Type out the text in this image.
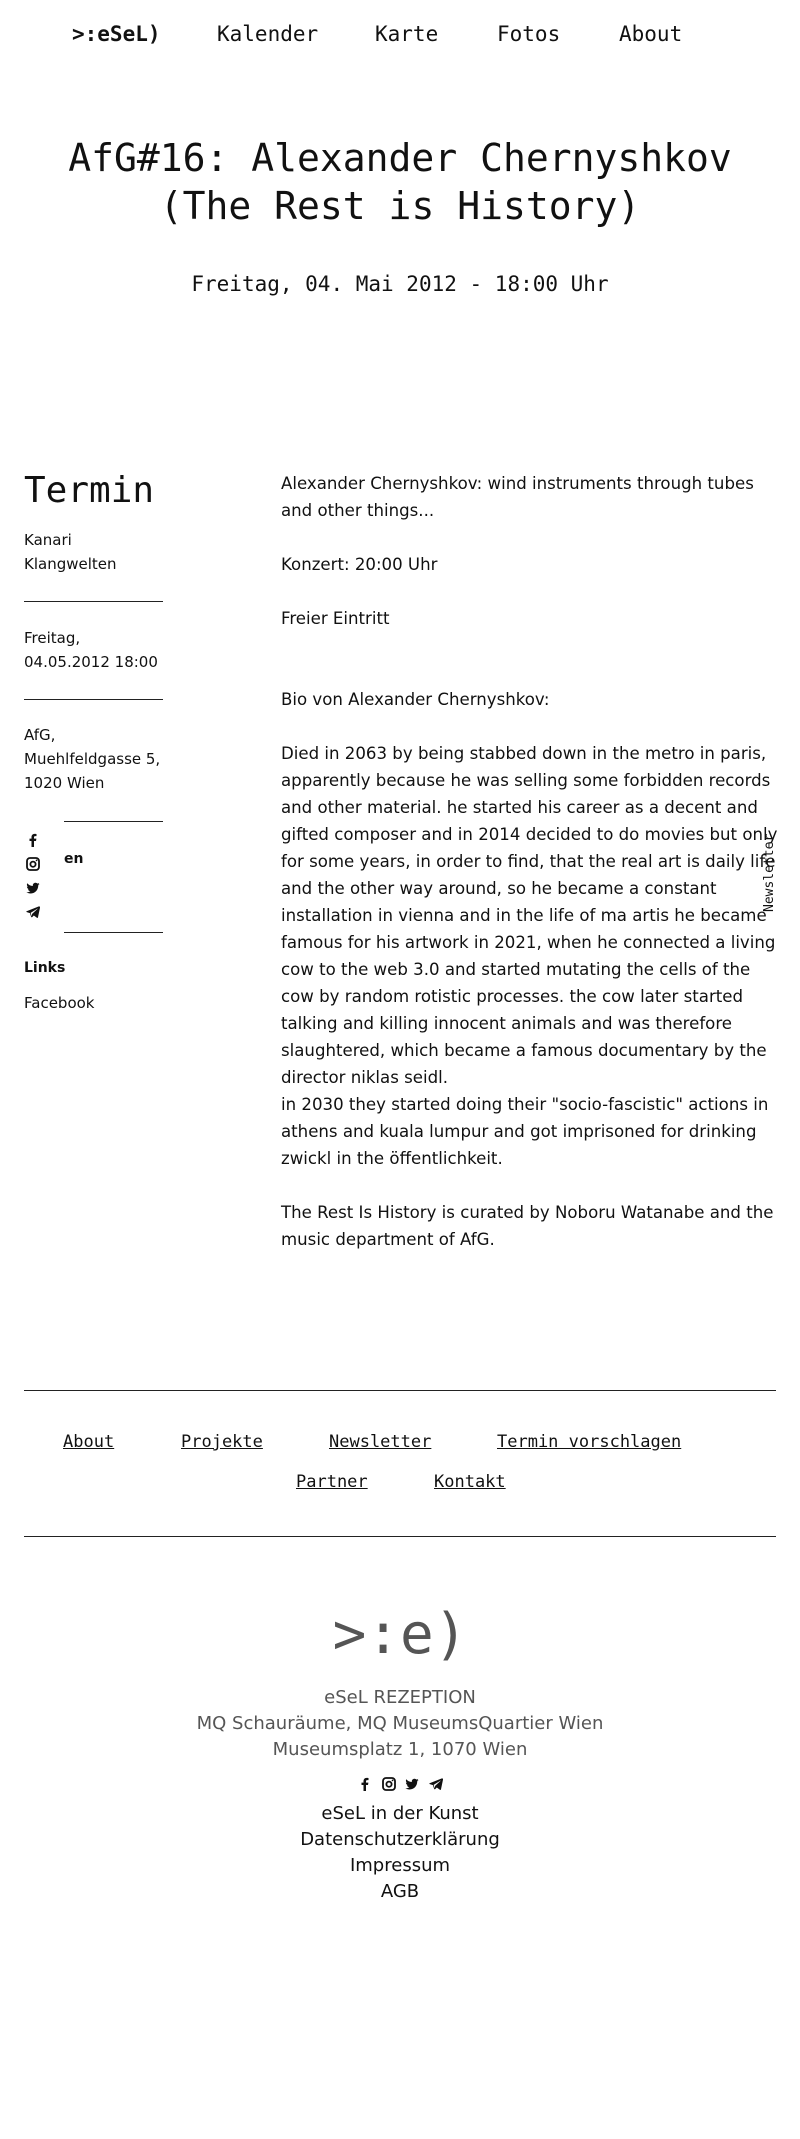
>:eSeL)	Kalender	Karte	Fotos	About
AfG#16: Alexander Chernyshkov (The Rest is History)
Freitag, 04. Mai 2012 - 18:00 Uhr
Termin
Kanari
Klangwelten
Freitag,
04.05.2012 18:00
AfG,
Muehlfeldgasse 5,
1020 Wien
en
Links
Facebook

Alexander Chernyshkov: wind instruments through tubes and other things...

Konzert: 20:00 Uhr

Freier Eintritt

Bio von Alexander Chernyshkov:

Died in 2063 by being stabbed down in the metro in paris, apparently because he was selling some forbidden records and other material. he started his career as a decent and gifted composer and in 2014 decided to do movies but only for some years, in order to find, that the real art is daily life and the other way around, so he became a constant installation in vienna and in the life of ma artis he became famous for his artwork in 2021, when he connected a living cow to the web 3.0 and started mutating the cells of the cow by random rotistic processes. the cow later started talking and killing innocent animals and was therefore slaughtered, which became a famous documentary by the director niklas seidl.

in 2030 they started doing their "socio-fascistic" actions in athens and kuala lumpur and got imprisoned for drinking zwickl in the öffentlichkeit.

The Rest Is History is curated by Noboru Watanabe and the music department of AfG.

Newsletter
About	Projekte	Newsletter	Termin vorschlagen
Partner	Kontakt
>:e)
eSeL REZEPTION
MQ Schauräume, MQ MuseumsQuartier Wien
Museumsplatz 1, 1070 Wien
eSeL in der Kunst
Datenschutzerklärung
Impressum
AGB
